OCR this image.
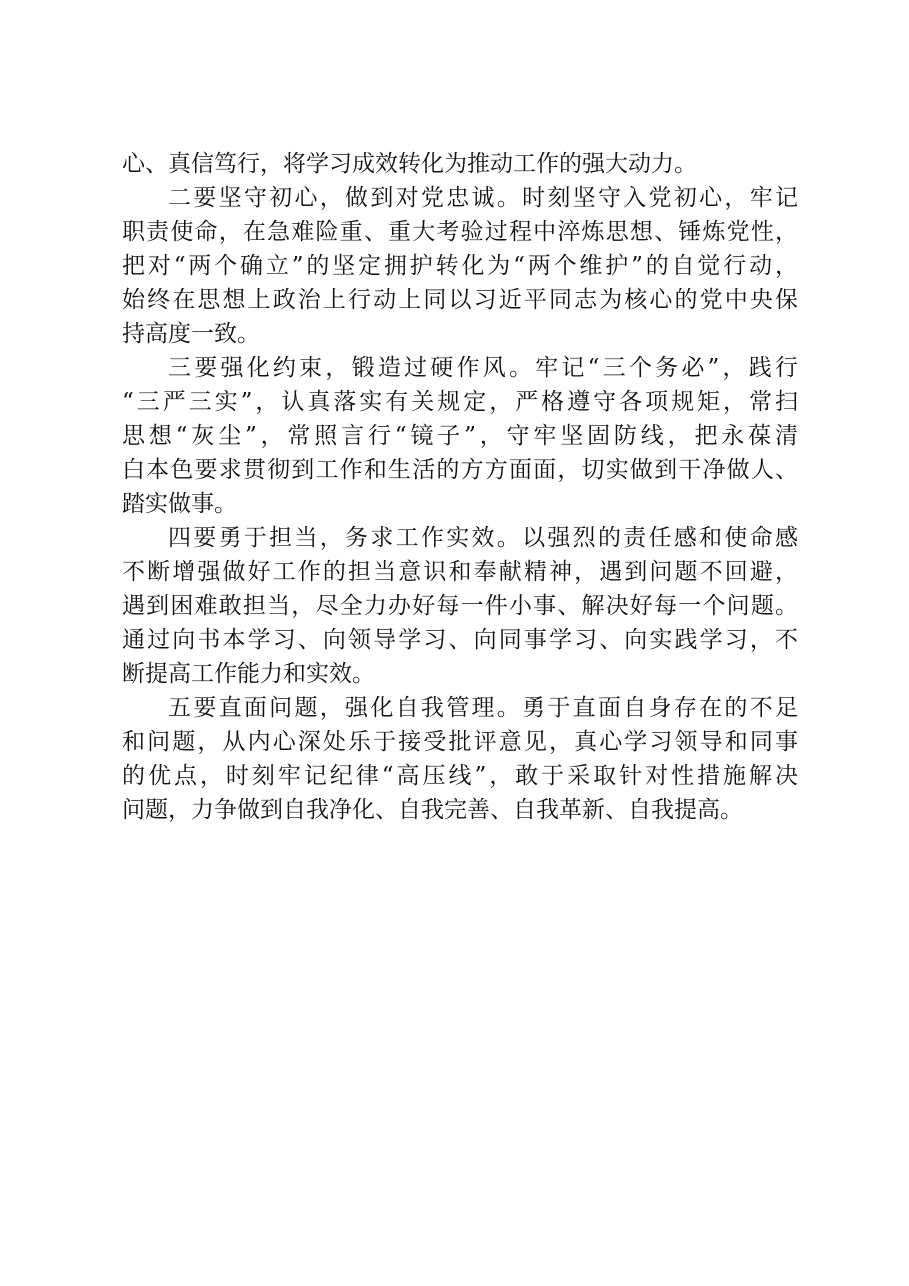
心、真信笃行，将学习成效转化为推动工作的强大动力。
二要坚守初心，做到对党忠诚。时刻坚守入党初心，牢记
职责使命，在急难险重、重大考验过程中淬炼思想、锤炼党性，
把对“两个确立”的坚定拥护转化为“两个维护”的自觉行动，
始终在思想上政治上行动上同以习近平同志为核心的党中央保
持高度一致。
三要强化约束，锻造过硬作风。牢记“三个务必”，践行
“三严三实”，认真落实有关规定，严格遵守各项规矩，常扫
思想“灰尘”，常照言行“镜子”，守牢坚固防线，把永葆清
白本色要求贯彻到工作和生活的方方面面，切实做到干净做人、
踏实做事。
四要勇于担当，务求工作实效。以强烈的责任感和使命感
不断增强做好工作的担当意识和奉献精神，遇到问题不回避，
遇到困难敢担当，尽全力办好每一件小事、解决好每一个问题。
通过向书本学习、向领导学习、向同事学习、向实践学习，不
断提高工作能力和实效。
五要直面问题，强化自我管理。勇于直面自身存在的不足
和问题，从内心深处乐于接受批评意见，真心学习领导和同事
的优点，时刻牢记纪律“高压线”，敢于采取针对性措施解决
问题，力争做到自我净化、自我完善、自我革新、自我提高。
